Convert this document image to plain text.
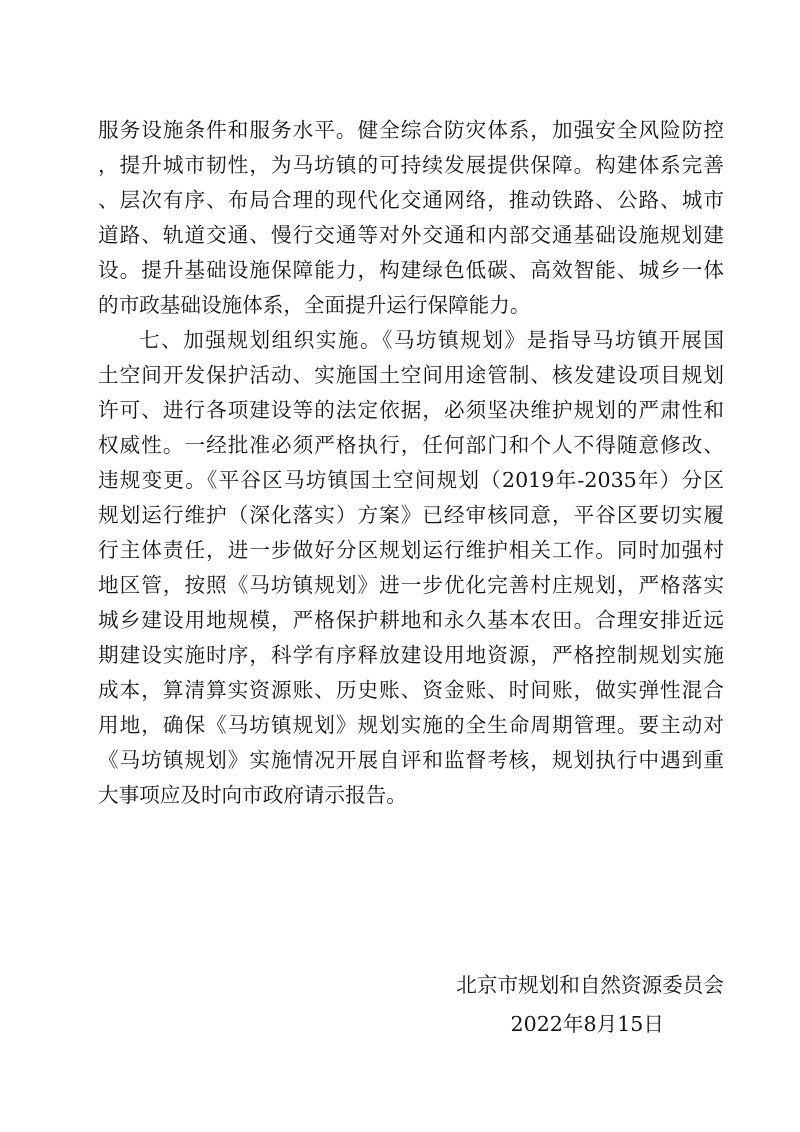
服务设施条件和服务水平。健全综合防灾体系，加强安全风险防控
，提升城市韧性，为马坊镇的可持续发展提供保障。构建体系完善
、层次有序、布局合理的现代化交通网络，推动铁路、公路、城市
道路、轨道交通、慢行交通等对外交通和内部交通基础设施规划建
设。提升基础设施保障能力，构建绿色低碳、高效智能、城乡一体
的市政基础设施体系，全面提升运行保障能力。
七、加强规划组织实施。《马坊镇规划》是指导马坊镇开展国
土空间开发保护活动、实施国土空间用途管制、核发建设项目规划
许可、进行各项建设等的法定依据，必须坚决维护规划的严肃性和
权威性。一经批准必须严格执行，任何部门和个人不得随意修改、
违规变更。《平谷区马坊镇国土空间规划（2019年-2035年）分区
规划运行维护（深化落实）方案》已经审核同意，平谷区要切实履
行主体责任，进一步做好分区规划运行维护相关工作。同时加强村
地区管，按照《马坊镇规划》进一步优化完善村庄规划，严格落实
城乡建设用地规模，严格保护耕地和永久基本农田。合理安排近远
期建设实施时序，科学有序释放建设用地资源，严格控制规划实施
成本，算清算实资源账、历史账、资金账、时间账，做实弹性混合
用地，确保《马坊镇规划》规划实施的全生命周期管理。要主动对
《马坊镇规划》实施情况开展自评和监督考核，规划执行中遇到重
大事项应及时向市政府请示报告。
北京市规划和自然资源委员会
2022年8月15日
